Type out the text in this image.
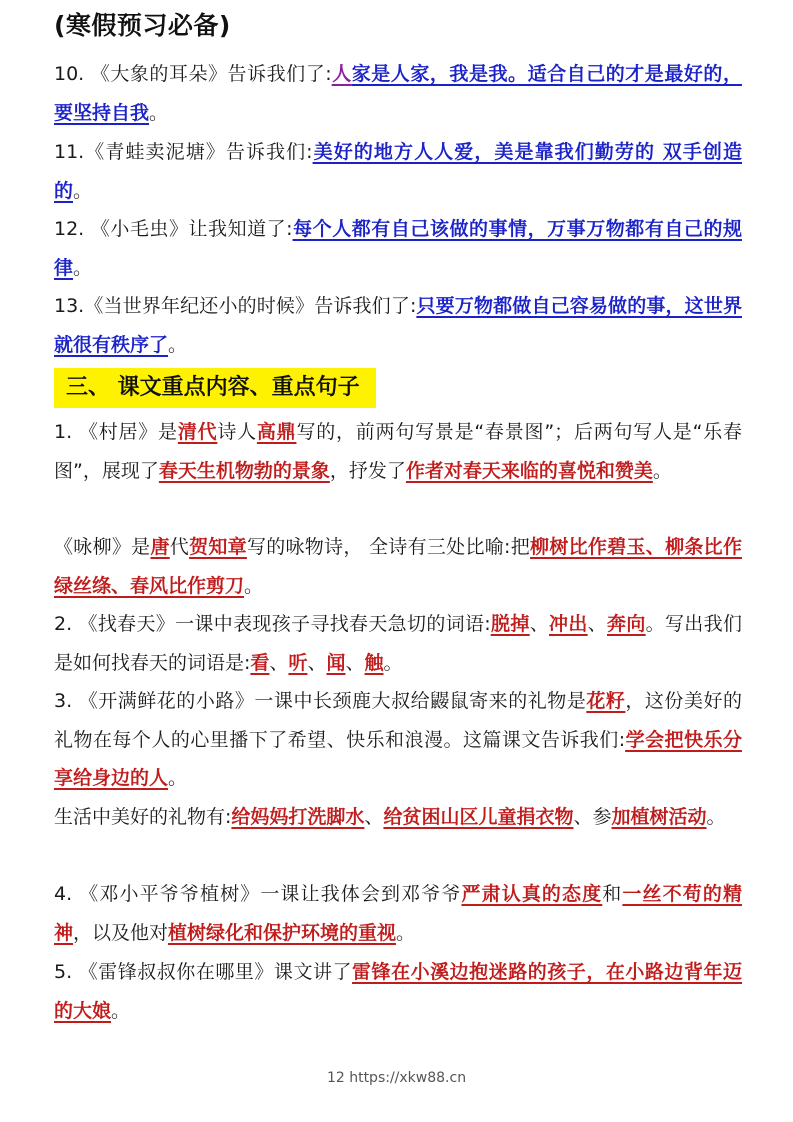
(寒假预习必备)
10. 《大象的耳朵》告诉我们了:人家是人家，我是我。适合自己的才是最好的，要坚持自我。
11.《青蛙卖泥塘》告诉我们:美好的地方人人爱，美是靠我们勤劳的 双手创造的。
12. 《小毛虫》让我知道了:每个人都有自己该做的事情，万事万物都有自己的规律。
13.《当世界年纪还小的时候》告诉我们了:只要万物都做自己容易做的事，这世界就很有秩序了。
三、 课文重点内容、重点句子
1. 《村居》是清代诗人高鼎写的，前两句写景是“春景图”；后两句写人是“乐春图”，展现了春天生机物勃的景象，抒发了作者对春天来临的喜悦和赞美。
《咏柳》是唐代贺知章写的咏物诗， 全诗有三处比喻:把柳树比作碧玉、柳条比作绿丝绦、春风比作剪刀。
2. 《找春天》一课中表现孩子寻找春天急切的词语:脱掉、冲出、奔向。写出我们是如何找春天的词语是:看、听、闻、触。
3. 《开满鲜花的小路》一课中长颈鹿大叔给鼹鼠寄来的礼物是花籽，这份美好的礼物在每个人的心里播下了希望、快乐和浪漫。这篇课文告诉我们:学会把快乐分享给身边的人。
生活中美好的礼物有:给妈妈打洗脚水、给贫困山区儿童捐衣物、参加植树活动。
4. 《邓小平爷爷植树》一课让我体会到邓爷爷严肃认真的态度和一丝不苟的精神，以及他对植树绿化和保护环境的重视。
5. 《雷锋叔叔你在哪里》课文讲了雷锋在小溪边抱迷路的孩子，在小路边背年迈的大娘。
12 https://xkw88.cn
